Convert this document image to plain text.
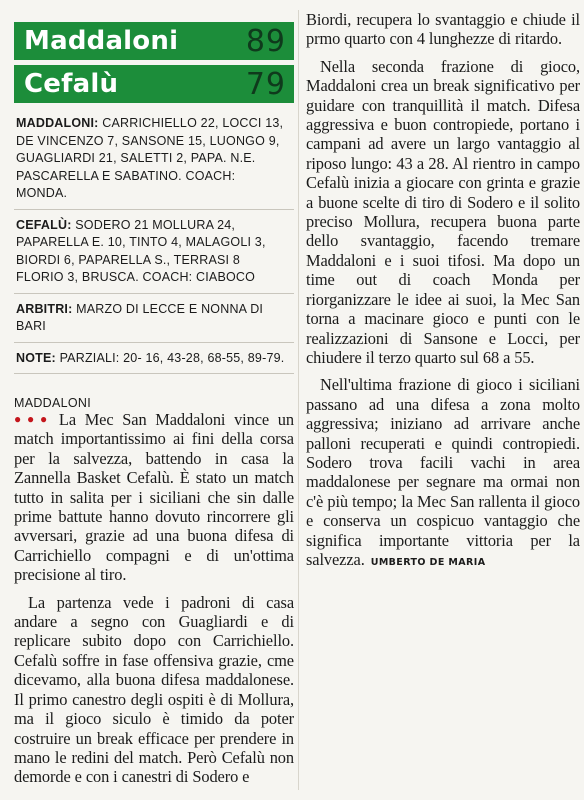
Maddaloni 89
Cefalù	79
MADDALONI: CARRICHIELLO 22, LOCCI 13, DE VINCENZO 7, SANSONE 15, LUONGO 9, GUAGLIARDI 21, SALETTI 2, PAPA. N.E. PASCARELLA E SABATINO. COACH: MONDA.
CEFALÙ: SODERO 21 MOLLURA 24, PAPARELLA E. 10, TINTO 4, MALAGOLI 3, BIORDI 6, PAPARELLA S., TERRASI 8 FLORIO 3, BRUSCA. COACH: CIABOCO
ARBITRI: MARZO DI LECCE E NONNA DI BARI
NOTE: PARZIALI: 20- 16, 43-28, 68-55, 89-79.
MADDALONI

●●● La Mec San Maddaloni vince un match importantissimo ai fini della corsa per la salvezza, battendo in casa la Zannella Basket Cefalù. È stato un match tutto in salita per i siciliani che sin dalle prime battute hanno dovuto rincorrere gli avversari, grazie ad una buona difesa di Carrichiello compagni e di un'ottima precisione al tiro.

La partenza vede i padroni di casa andare a segno con Guagliardi e di replicare subito dopo con Carrichiello. Cefalù soffre in fase offensiva grazie, cme dicevamo, alla buona difesa maddalonese. Il primo canestro degli ospiti è di Mollura, ma il gioco siculo è timido da poter costruire un break efficace per prendere in mano le redini del match. Però Cefalù non demorde e con i canestri di Sodero e

Biordi, recupera lo svantaggio e chiude il prmo quarto con 4 lunghezze di ritardo.

Nella seconda frazione di gioco, Maddaloni crea un break significativo per guidare con tranquillità il match. Difesa aggressiva e buon contropiede, portano i campani ad avere un largo vantaggio al riposo lungo: 43 a 28. Al rientro in campo Cefalù inizia a giocare con grinta e grazie a buone scelte di tiro di Sodero e il solito preciso Mollura, recupera buona parte dello svantaggio, facendo tremare Maddaloni e i suoi tifosi. Ma dopo un time out di coach Monda per riorganizzare le idee ai suoi, la Mec San torna a macinare gioco e punti con le realizzazioni di Sansone e Locci, per chiudere il terzo quarto sul 68 a 55.

Nell'ultima frazione di gioco i siciliani passano ad una difesa a zona molto aggressiva; iniziano ad arrivare anche palloni recuperati e quindi contropiedi. Sodero trova facili vachi in area maddalonese per segnare ma ormai non c'è più tempo; la Mec San rallenta il gioco e conserva un cospicuo vantaggio che significa importante vittoria per la salvezza. UMBERTO DE MARIA
